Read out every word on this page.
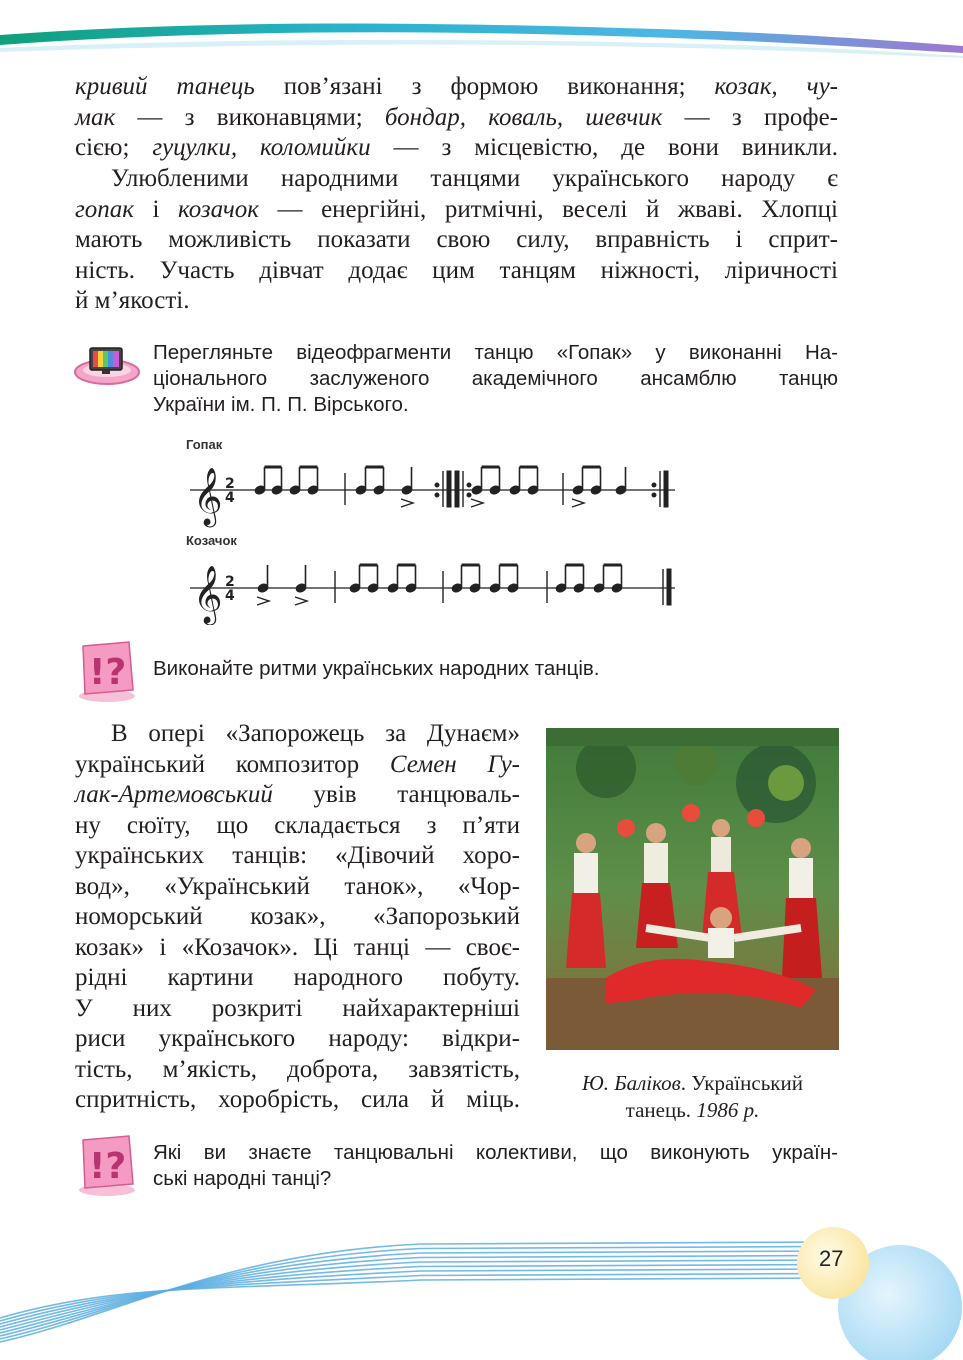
кривий танець пов’язані з формою виконання; козак, чу-
мак — з виконавцями; бондар, коваль, шевчик — з профе-
сією; гуцулки, коломийки — з місцевістю, де вони виникли.
Улюбленими народними танцями українського народу є
гопак і козачок — енергійні, ритмічні, веселі й жваві. Хлопці
мають можливість показати свою силу, вправність і сприт-
ність. Участь дівчат додає цим танцям ніжності, ліричності
й м’якості.
Перегляньте відеофрагменти танцю «Гопак» у виконанні На-
ціонального заслуженого академічного ансамблю танцю
України ім. П. П. Вірського.
Гопак
Козачок
𝄞 2
4
𝄞 2
4
!? Виконайте ритми українських народних танців.
В опері «Запорожець за Дунаєм»
український композитор Семен Гу-
лак-Артемовський увів танцюваль-
ну сюїту, що складається з п’яти
українських танців: «Дівочий хоро-
вод», «Український танок», «Чор-
номорський козак», «Запорозький
козак» і «Козачок». Ці танці — своє-
рідні картини народного побуту.
У них розкриті найхарактерніші
риси українського народу: відкри-
тість, м’якість, доброта, завзятість,
спритність, хоробрість, сила й міць.
Ю. Баліков. Український
танець. 1986 р.
!? Які ви знаєте танцювальні колективи, що виконують україн-
ські народні танці?
27
